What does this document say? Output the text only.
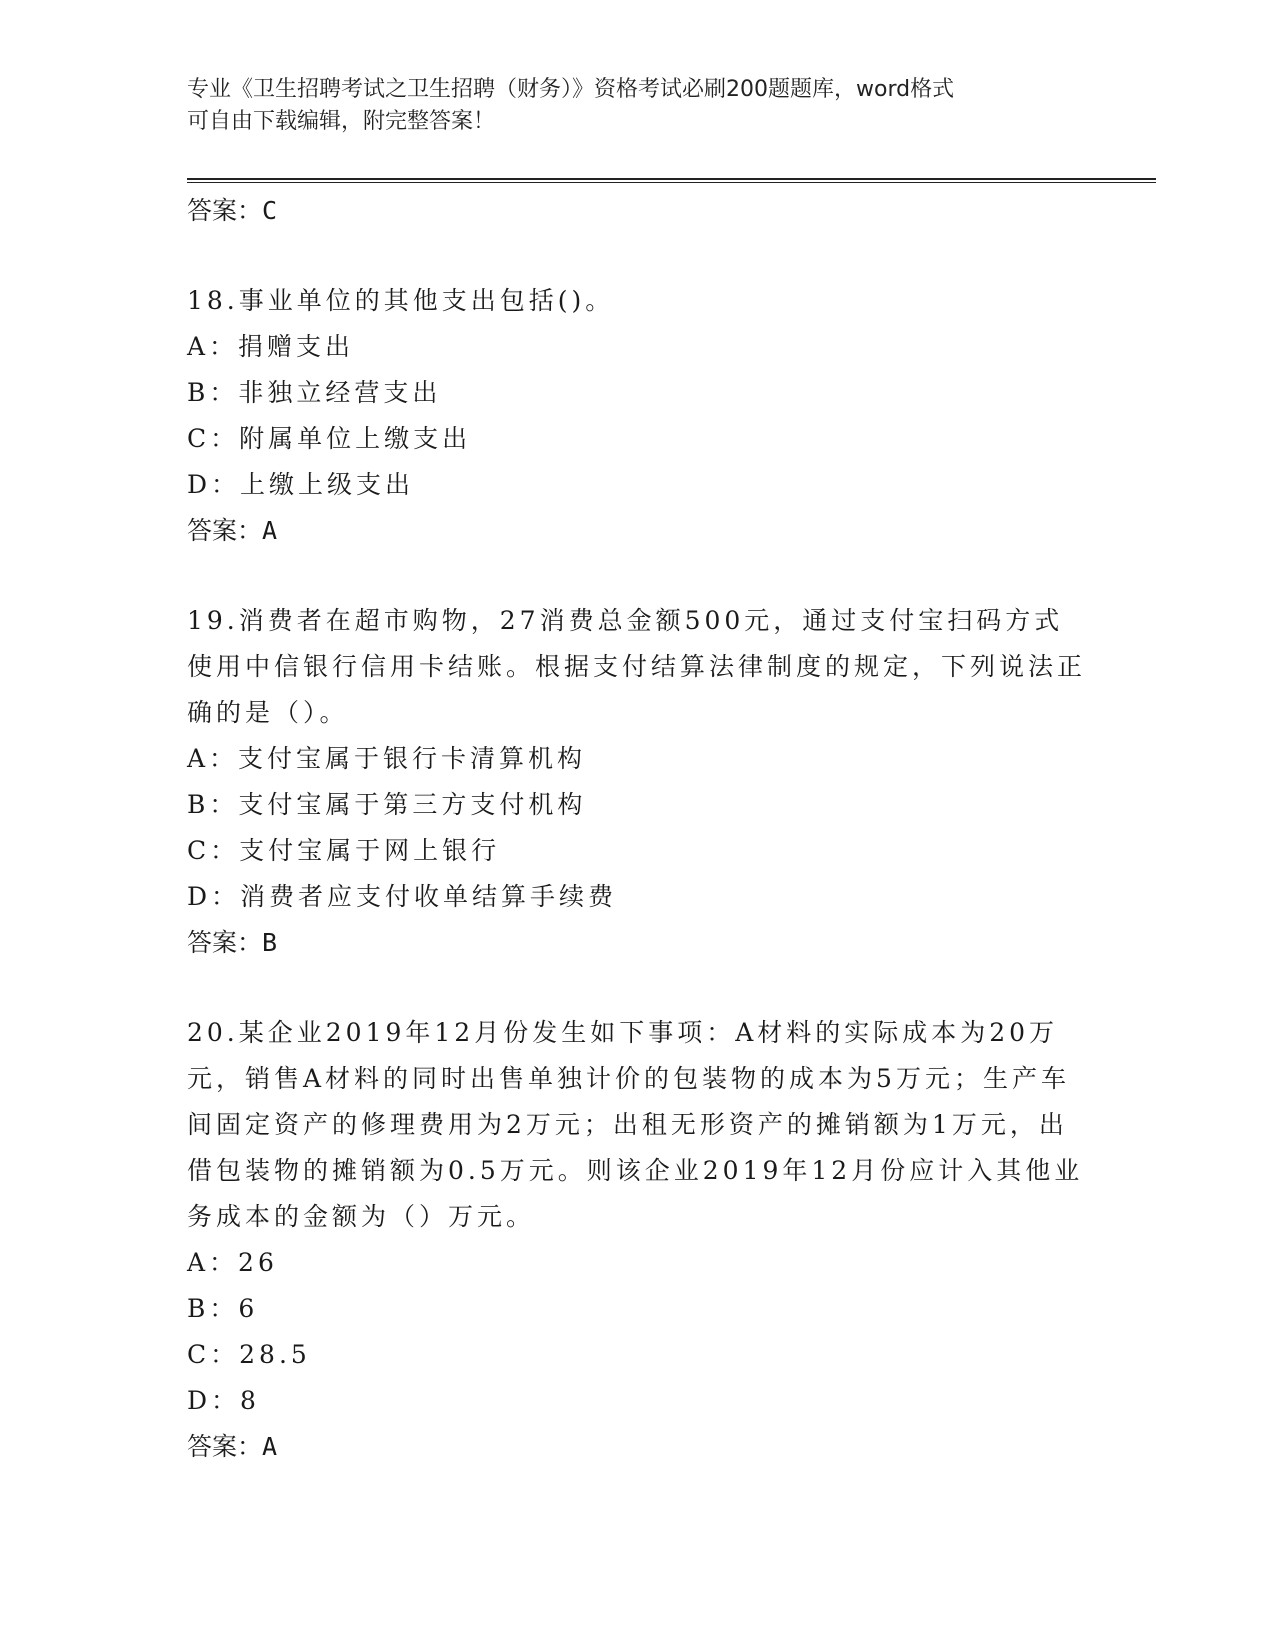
专业《卫生招聘考试之卫生招聘（财务）》资格考试必刷200题题库，word格式
可自由下载编辑，附完整答案！
答案：C

18.事业单位的其他支出包括()。

A：捐赠支出
B：非独立经营支出
C：附属单位上缴支出
D：上缴上级支出
答案：A

19.消费者在超市购物，27消费总金额500元，通过支付宝扫码方式使用中信银行信用卡结账。根据支付结算法律制度的规定，下列说法正确的是（）。

A：支付宝属于银行卡清算机构
B：支付宝属于第三方支付机构
C：支付宝属于网上银行
D：消费者应支付收单结算手续费
答案：B

20.某企业2019年12月份发生如下事项：A材料的实际成本为20万元，销售A材料的同时出售单独计价的包装物的成本为5万元；生产车间固定资产的修理费用为2万元；出租无形资产的摊销额为1万元，出借包装物的摊销额为0.5万元。则该企业2019年12月份应计入其他业务成本的金额为（）万元。

A：26
B：6
C：28.5
D：8
答案：A
